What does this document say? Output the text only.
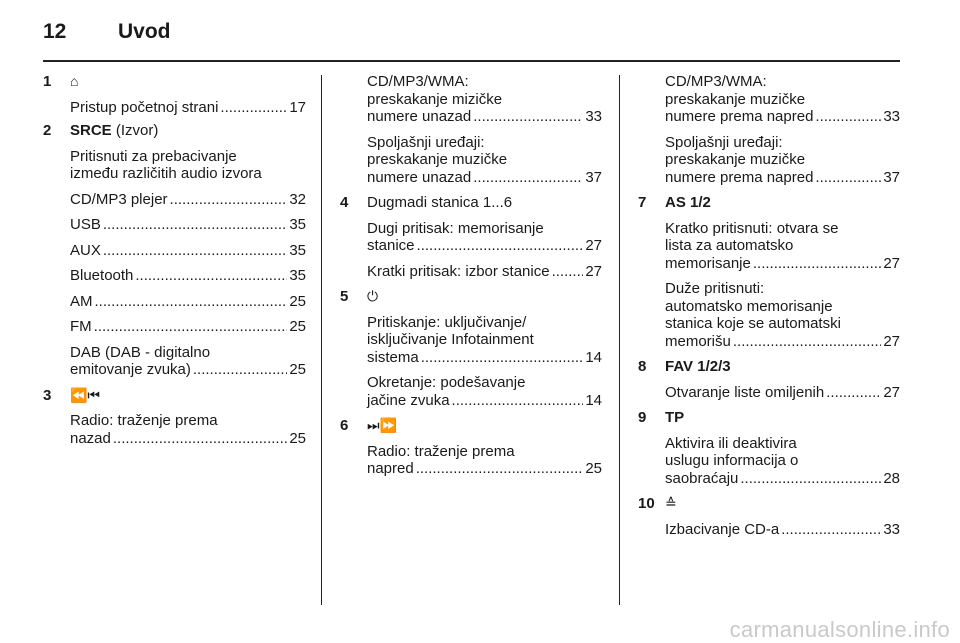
12 Uvod
1 ⌂
Pristup početnoj strani .....	17
2 SRCE (Izvor)
Pritisnuti za prebacivanje
između različitih audio izvora
CD/MP3 plejer .....	32
USB .....	35
AUX .....	35
Bluetooth .....	35
AM .....	25
FM .....	25
DAB (DAB - digitalno
emitovanje zvuka) .....	25
3 ⏪⏮
Radio: traženje prema
nazad .....	25
CD/MP3/WMA:
preskakanje mizičke
numere unazad .....	33
Spoljašnji uređaji:
preskakanje muzičke
numere unazad .....	37
4 Dugmadi stanica 1...6
Dugi pritisak: memorisanje
stanice .....	27
Kratki pritisak: izbor stanice ..... 27
5 ⏻
Pritiskanje: uključivanje/
isključivanje Infotainment
sistema .....	14
Okretanje: podešavanje
jačine zvuka .....	14
6 ⏭⏩
Radio: traženje prema
napred .....	25
CD/MP3/WMA:
preskakanje muzičke
numere prema napred .....	33
Spoljašnji uređaji:
preskakanje muzičke
numere prema napred .....	37
7 AS 1/2
Kratko pritisnuti: otvara se
lista za automatsko
memorisanje .....	27
Duže pritisnuti:
automatsko memorisanje
stanica koje se automatski
memorišu .....	27
8 FAV 1/2/3
Otvaranje liste omiljenih .....	27
9 TP
Aktivira ili deaktivira
uslugu informacija o
saobraćaju .....	28
10 ≙
Izbacivanje CD-a .....	33
carmanualsonline.info
